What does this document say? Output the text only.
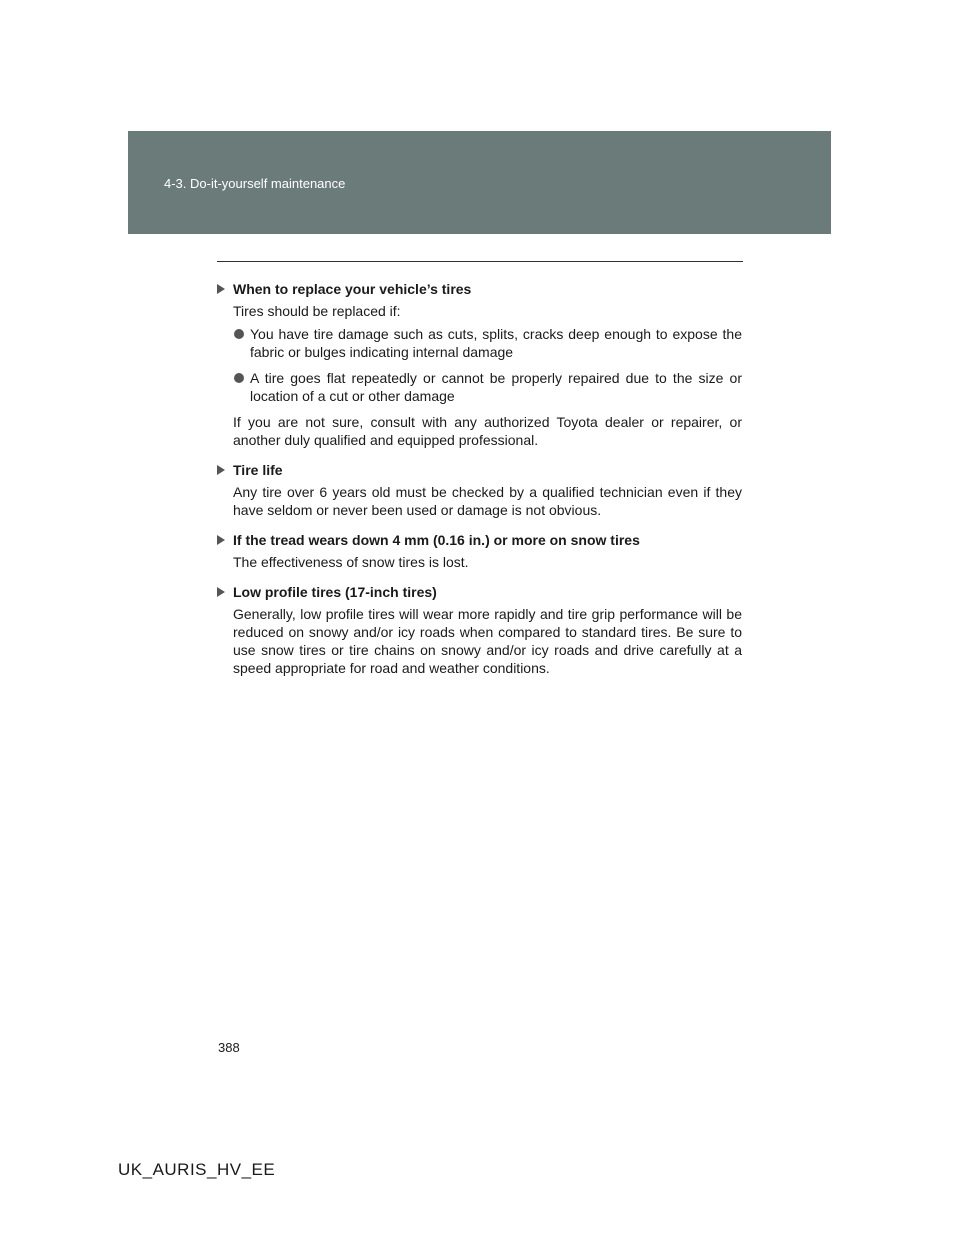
4-3. Do-it-yourself maintenance
When to replace your vehicle’s tires

Tires should be replaced if:

You have tire damage such as cuts, splits, cracks deep enough to expose the fabric or bulges indicating internal damage
A tire goes flat repeatedly or cannot be properly repaired due to the size or location of a cut or other damage

If you are not sure, consult with any authorized Toyota dealer or repairer, or another duly qualified and equipped professional.

Tire life

Any tire over 6 years old must be checked by a qualified technician even if they have seldom or never been used or damage is not obvious.

If the tread wears down 4 mm (0.16 in.) or more on snow tires

The effectiveness of snow tires is lost.

Low profile tires (17-inch tires)

Generally, low profile tires will wear more rapidly and tire grip performance will be reduced on snowy and/or icy roads when compared to standard tires. Be sure to use snow tires or tire chains on snowy and/or icy roads and drive carefully at a speed appropriate for road and weather conditions.

388
UK_AURIS_HV_EE
